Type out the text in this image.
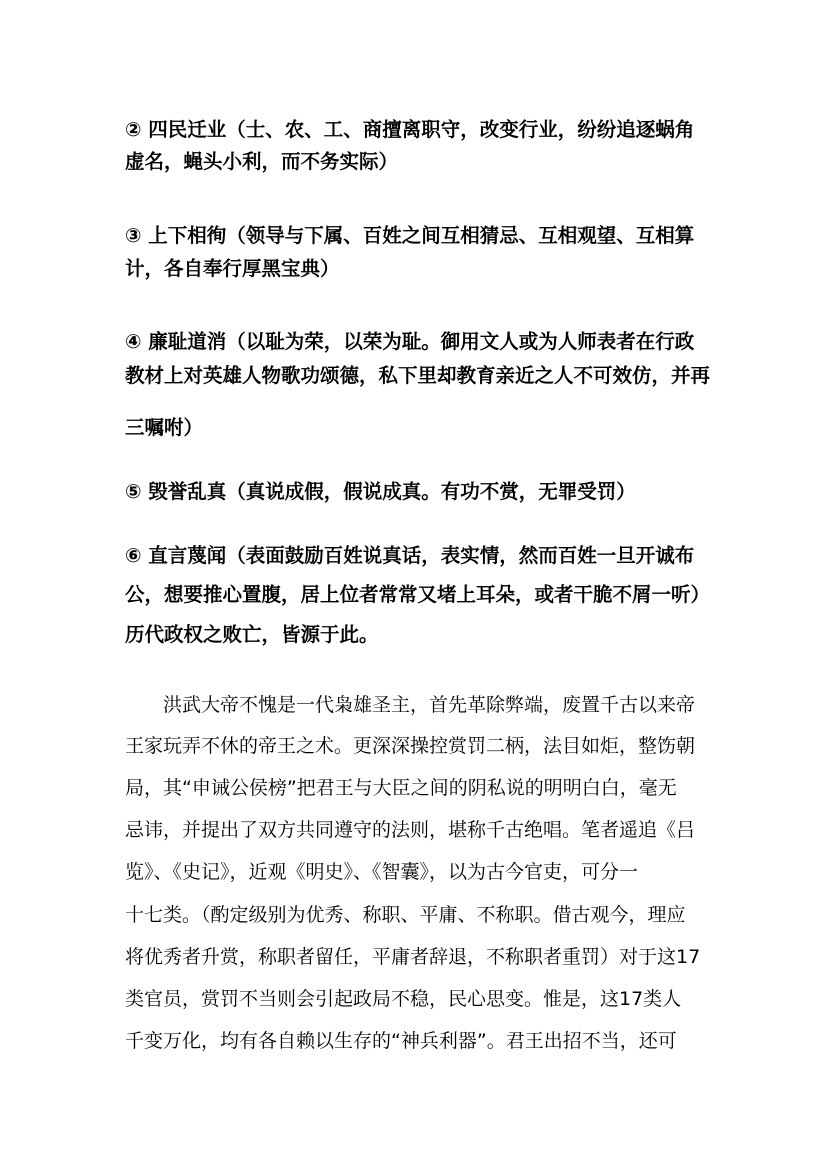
② 四民迁业（士、农、工、商擅离职守，改变行业，纷纷追逐蜗角
虚名，蝇头小利，而不务实际）
③ 上下相徇（领导与下属、百姓之间互相猜忌、互相观望、互相算
计，各自奉行厚黑宝典）
④ 廉耻道消（以耻为荣，以荣为耻。御用文人或为人师表者在行政
教材上对英雄人物歌功颂德，私下里却教育亲近之人不可效仿，并再
三嘱咐）
⑤ 毁誉乱真（真说成假，假说成真。有功不赏，无罪受罚）
⑥ 直言蔑闻（表面鼓励百姓说真话，表实情，然而百姓一旦开诚布
公，想要推心置腹，居上位者常常又堵上耳朵，或者干脆不屑一听）
历代政权之败亡，皆源于此。
洪武大帝不愧是一代枭雄圣主，首先革除弊端，废置千古以来帝
王家玩弄不休的帝王之术。更深深操控赏罚二柄，法目如炬，整饬朝
局，其“申诫公侯榜”把君王与大臣之间的阴私说的明明白白，毫无
忌讳，并提出了双方共同遵守的法则，堪称千古绝唱。笔者遥追《吕
览》、《史记》，近观《明史》、《智囊》，以为古今官吏，可分一
十七类。（酌定级别为优秀、称职、平庸、不称职。借古观今，理应
将优秀者升赏，称职者留任，平庸者辞退，不称职者重罚）对于这17
类官员，赏罚不当则会引起政局不稳，民心思变。惟是，这17类人
千变万化，均有各自赖以生存的“神兵利器”。君王出招不当，还可
